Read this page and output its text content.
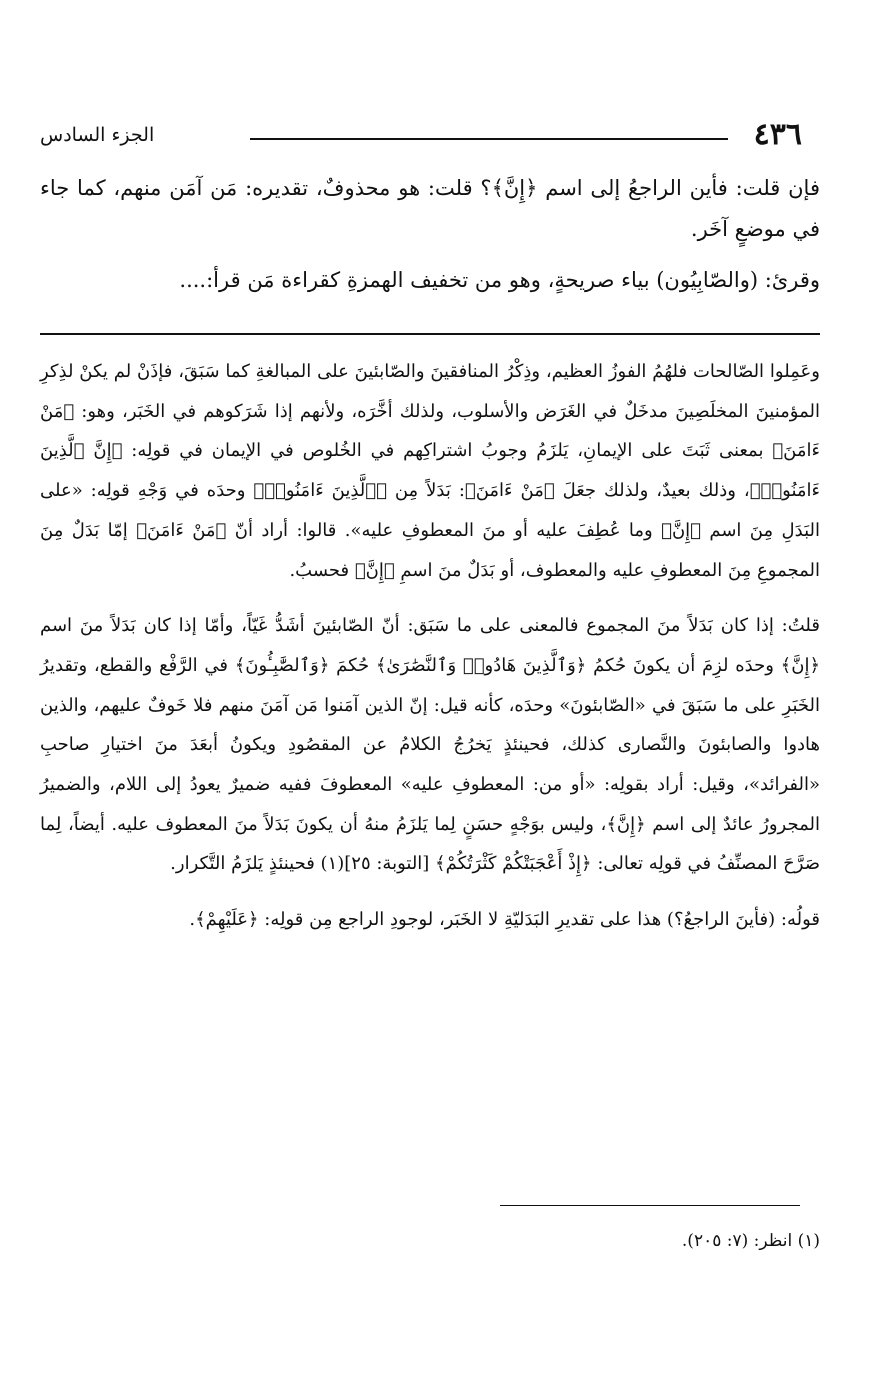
٤٣٦
الجزء السادس

فإن قلت: فأين الراجعُ إلى اسم ﴿إِنَّ﴾؟ قلت: هو محذوفٌ، تقديره: مَن آمَن منهم، كما جاء في موضعٍ آخَر.

وقرئ: (والصّابِيُون) بياء صريحةٍ، وهو من تخفيف الهمزةِ كقراءة مَن قرأ:....

وعَمِلوا الصّالحات فلهُمُ الفوزُ العظيم، وذِكْرُ المنافقينَ والصّابئينَ على المبالغةِ كما سَبَقَ، فإذَنْ لم يكنْ لذِكرِ المؤمنينَ المخلَصِينَ مدخَلٌ في الغَرَض والأسلوب، ولذلك أخَّرَه، ولأنهم إذا شَرَكوهم في الخَبَر، وهو: ﴿مَنْ ءَامَنَ﴾ بمعنى ثَبَتَ على الإيمانِ، يَلزَمُ وجوبُ اشتراكِهم في الخُلوص في الإيمان في قولِه: ﴿إِنَّ ٱلَّذِينَ ءَامَنُوا۟﴾، وذلك بعيدٌ، ولذلك جعَلَ ﴿مَنْ ءَامَنَ﴾: بَدَلاً مِن ﴿ٱلَّذِينَ ءَامَنُوا۟﴾ وحدَه في وَجْهِ قولِه: «على البَدَلِ مِنَ اسم ﴿إِنَّ﴾ وما عُطِفَ عليه أو منَ المعطوفِ عليه». قالوا: أراد أنّ ﴿مَنْ ءَامَنَ﴾ إمّا بَدَلٌ مِنَ المجموعِ مِنَ المعطوفِ عليه والمعطوف، أو بَدَلٌ منَ اسمِ ﴿إِنَّ﴾ فحسبُ.

قلتُ: إذا كان بَدَلاً منَ المجموع فالمعنى على ما سَبَق: أنّ الصّابئينَ أشَدُّ غَيّاً، وأمّا إذا كان بَدَلاً منَ اسم ﴿إِنَّ﴾ وحدَه لزِمَ أن يكونَ حُكمُ ﴿وَٱلَّذِينَ هَادُوا۟ وَٱلنَّصَٰرَىٰ﴾ حُكمَ ﴿وَٱلصَّٰبِـُٔونَ﴾ في الرَّفْع والقطع، وتقديرُ الخَبَرِ على ما سَبَقَ في «الصّابئونَ» وحدَه، كأنه قيل: إنّ الذين آمَنوا مَن آمَنَ منهم فلا خَوفٌ عليهم، والذين هادوا والصابئونَ والنَّصارى كذلك، فحينئذٍ يَخرُجُ الكلامُ عن المقصُودِ ويكونُ أبعَدَ منَ اختيارِ صاحبِ «الفرائد»، وقيل: أراد بقولِه: «أو من: المعطوفِ عليه» المعطوفَ ففيه ضميرٌ يعودُ إلى اللام، والضميرُ المجرورُ عائدٌ إلى اسم ﴿إِنَّ﴾، وليس بوَجْهٍ حسَنٍ لِما يَلزَمُ منهُ أن يكونَ بَدَلاً منَ المعطوف عليه. أيضاً، لِما صَرَّحَ المصنِّفُ في قولِه تعالى: ﴿إِذْ أَعْجَبَتْكُمْ كَثْرَتُكُمْ﴾ [التوبة: ٢٥](١) فحينئذٍ يَلزَمُ التَّكرار.

قولُه: (فأينَ الراجعُ؟) هذا على تقديرِ البَدَليّةِ لا الخَبَر، لوجودِ الراجع مِن قولِه: ﴿عَلَيْهِمْ﴾.

(١) انظر: (٧: ٢٠٥).
